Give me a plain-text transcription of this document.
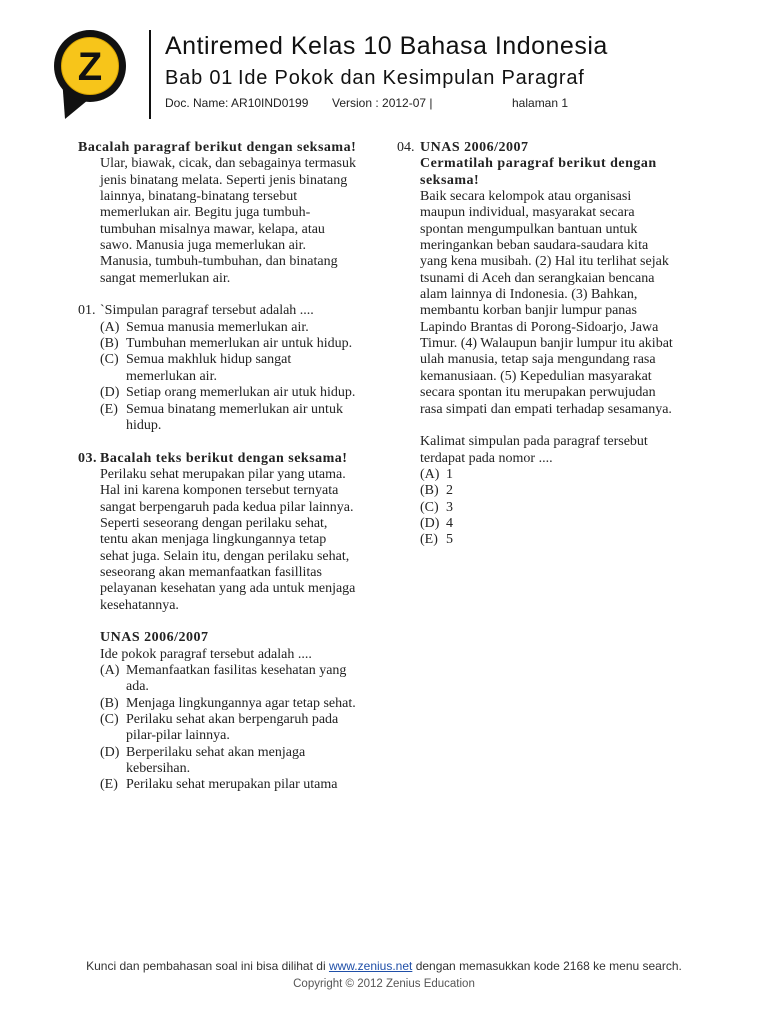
Z	Antiremed Kelas 10 Bahasa Indonesia
Bab 01 Ide Pokok dan Kesimpulan Paragraf
Doc. Name: AR10IND0199 Version : 2012-07 |	halaman 1
Bacalah paragraf berikut dengan seksama!
Ular, biawak, cicak, dan sebagainya termasuk
jenis binatang melata. Seperti jenis binatang
lainnya, binatang-binatang tersebut
memerlukan air. Begitu juga tumbuh-
tumbuhan misalnya mawar, kelapa, atau
sawo. Manusia juga memerlukan air.
Manusia, tumbuh-tumbuhan, dan binatang
sangat memerlukan air.
01. `Simpulan paragraf tersebut adalah ....
(A) Semua manusia memerlukan air.
(B) Tumbuhan memerlukan air untuk hidup.
(C) Semua makhluk hidup sangat
memerlukan air.
(D) Setiap orang memerlukan air utuk hidup.
(E) Semua binatang memerlukan air untuk
hidup.
03. Bacalah teks berikut dengan seksama!
Perilaku sehat merupakan pilar yang utama.
Hal ini karena komponen tersebut ternyata
sangat berpengaruh pada kedua pilar lainnya.
Seperti seseorang dengan perilaku sehat,
tentu akan menjaga lingkungannya tetap
sehat juga. Selain itu, dengan perilaku sehat,
seseorang akan memanfaatkan fasillitas
pelayanan kesehatan yang ada untuk menjaga
kesehatannya.
UNAS 2006/2007
Ide pokok paragraf tersebut adalah ....
(A) Memanfaatkan fasilitas kesehatan yang
ada.
(B) Menjaga lingkungannya agar tetap sehat.
(C) Perilaku sehat akan berpengaruh pada
pilar-pilar lainnya.
(D) Berperilaku sehat akan menjaga
kebersihan.
(E) Perilaku sehat merupakan pilar utama
04. UNAS 2006/2007
Cermatilah paragraf berikut dengan
seksama!
Baik secara kelompok atau organisasi
maupun individual, masyarakat secara
spontan mengumpulkan bantuan untuk
meringankan beban saudara-saudara kita
yang kena musibah. (2) Hal itu terlihat sejak
tsunami di Aceh dan serangkaian bencana
alam lainnya di Indonesia. (3) Bahkan,
membantu korban banjir lumpur panas
Lapindo Brantas di Porong-Sidoarjo, Jawa
Timur. (4) Walaupun banjir lumpur itu akibat
ulah manusia, tetap saja mengundang rasa
kemanusiaan. (5) Kepedulian masyarakat
secara spontan itu merupakan perwujudan
rasa simpati dan empati terhadap sesamanya.
Kalimat simpulan pada paragraf tersebut
terdapat pada nomor ....
(A) 1
(B) 2
(C) 3
(D) 4
(E) 5
Kunci dan pembahasan soal ini bisa dilihat di www.zenius.net dengan memasukkan kode 2168 ke menu search.
Copyright © 2012 Zenius Education
